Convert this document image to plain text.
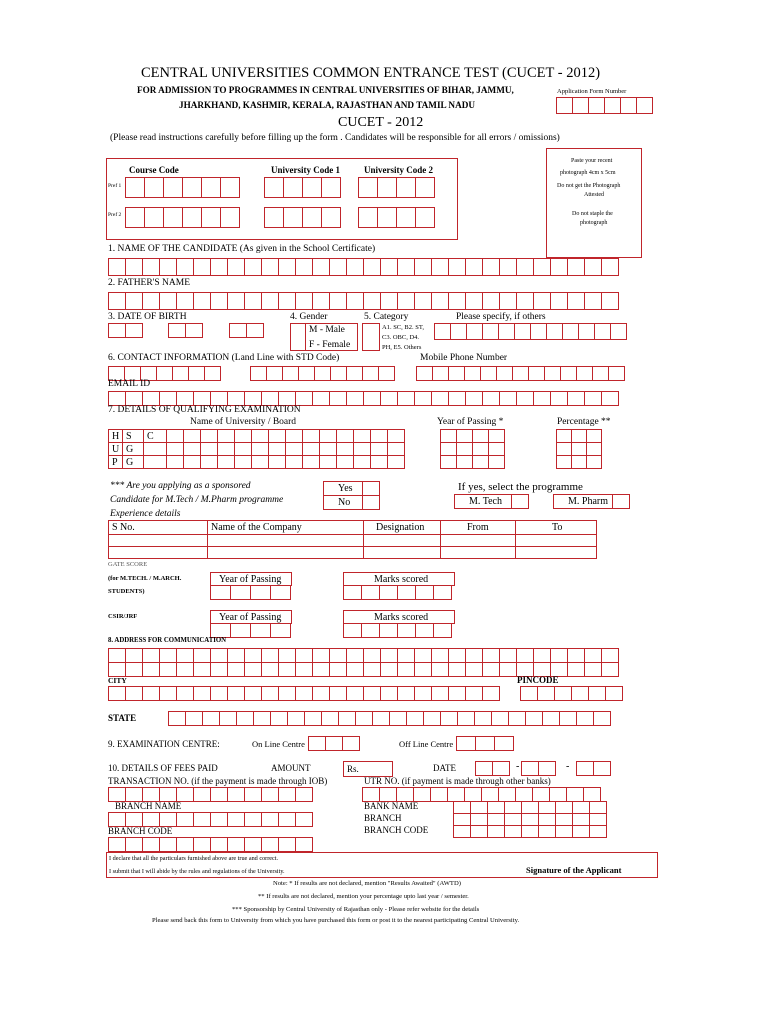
CENTRAL UNIVERSITIES COMMON ENTRANCE TEST (CUCET - 2012)
FOR ADMISSION TO PROGRAMMES IN CENTRAL UNIVERSITIES OF BIHAR, JAMMU,	Application Form Number
JHARKHAND, KASHMIR, KERALA, RAJASTHAN AND TAMIL NADU
CUCET - 2012
(Please read instructions carefully before filling up the form . Candidates will be responsible for all errors / omissions)
Course Code	University Code 1	University Code 2
Pref 1
Pref 2
Paste your recent
photograph 4cm x 5cm
Do not get the Photograph
Attested
Do not staple the
photograph
1. NAME OF THE CANDIDATE (As given in the School Certificate)
2. FATHER'S NAME
3. DATE OF BIRTH	4. Gender
M - Male
F - Female
5. Category
A1. SC, B2. ST,
C3. OBC, D4.
PH, E5. Others
Please specify, if others
6. CONTACT INFORMATION (Land Line with STD Code)	Mobile Phone Number
EMAIL ID
7. DETAILS OF QUALIFYING EXAMINATION
Name of University / Board	Year of Passing *	Percentage **
H S	C
U G
P G
*** Are you applying as a sponsored
Candidate for M.Tech / M.Pharm programme
Yes
No
If yes, select the programme
M. Tech	M. Pharm
Experience details
S No.	Name of the Company	Designation	From	To
GATE SCORE
(for M.TECH. / M.ARCH.
STUDENTS)
Year of Passing	Marks scored
CSIR/JRF	Year of Passing	Marks scored
8. ADDRESS FOR COMMUNICATION
CITY	PINCODE
STATE
9. EXAMINATION CENTRE:	On Line Centre	Off Line Centre
10. DETAILS OF FEES PAID	AMOUNT	Rs.	DATE	-	-
TRANSACTION NO. (if the payment is made through IOB)	UTR NO. (if payment is made through other banks)
BRANCH NAME
BRANCH CODE
BANK NAME
BRANCH
BRANCH CODE
I declare that all the particulars furnished above are true and correct.
I submit that I will abide by the rules and regulations of the University.	Signature of the Applicant
Note: * If results are not declared, mention "Results Awaited" (AWTD)
** If results are not declared, mention your percentage upto last year / semester.
*** Sponsorship by Central University of Rajasthan only - Please refer website for the details
Please send back this form to University from which you have purchased this form or post it to the nearest participating Central University.
